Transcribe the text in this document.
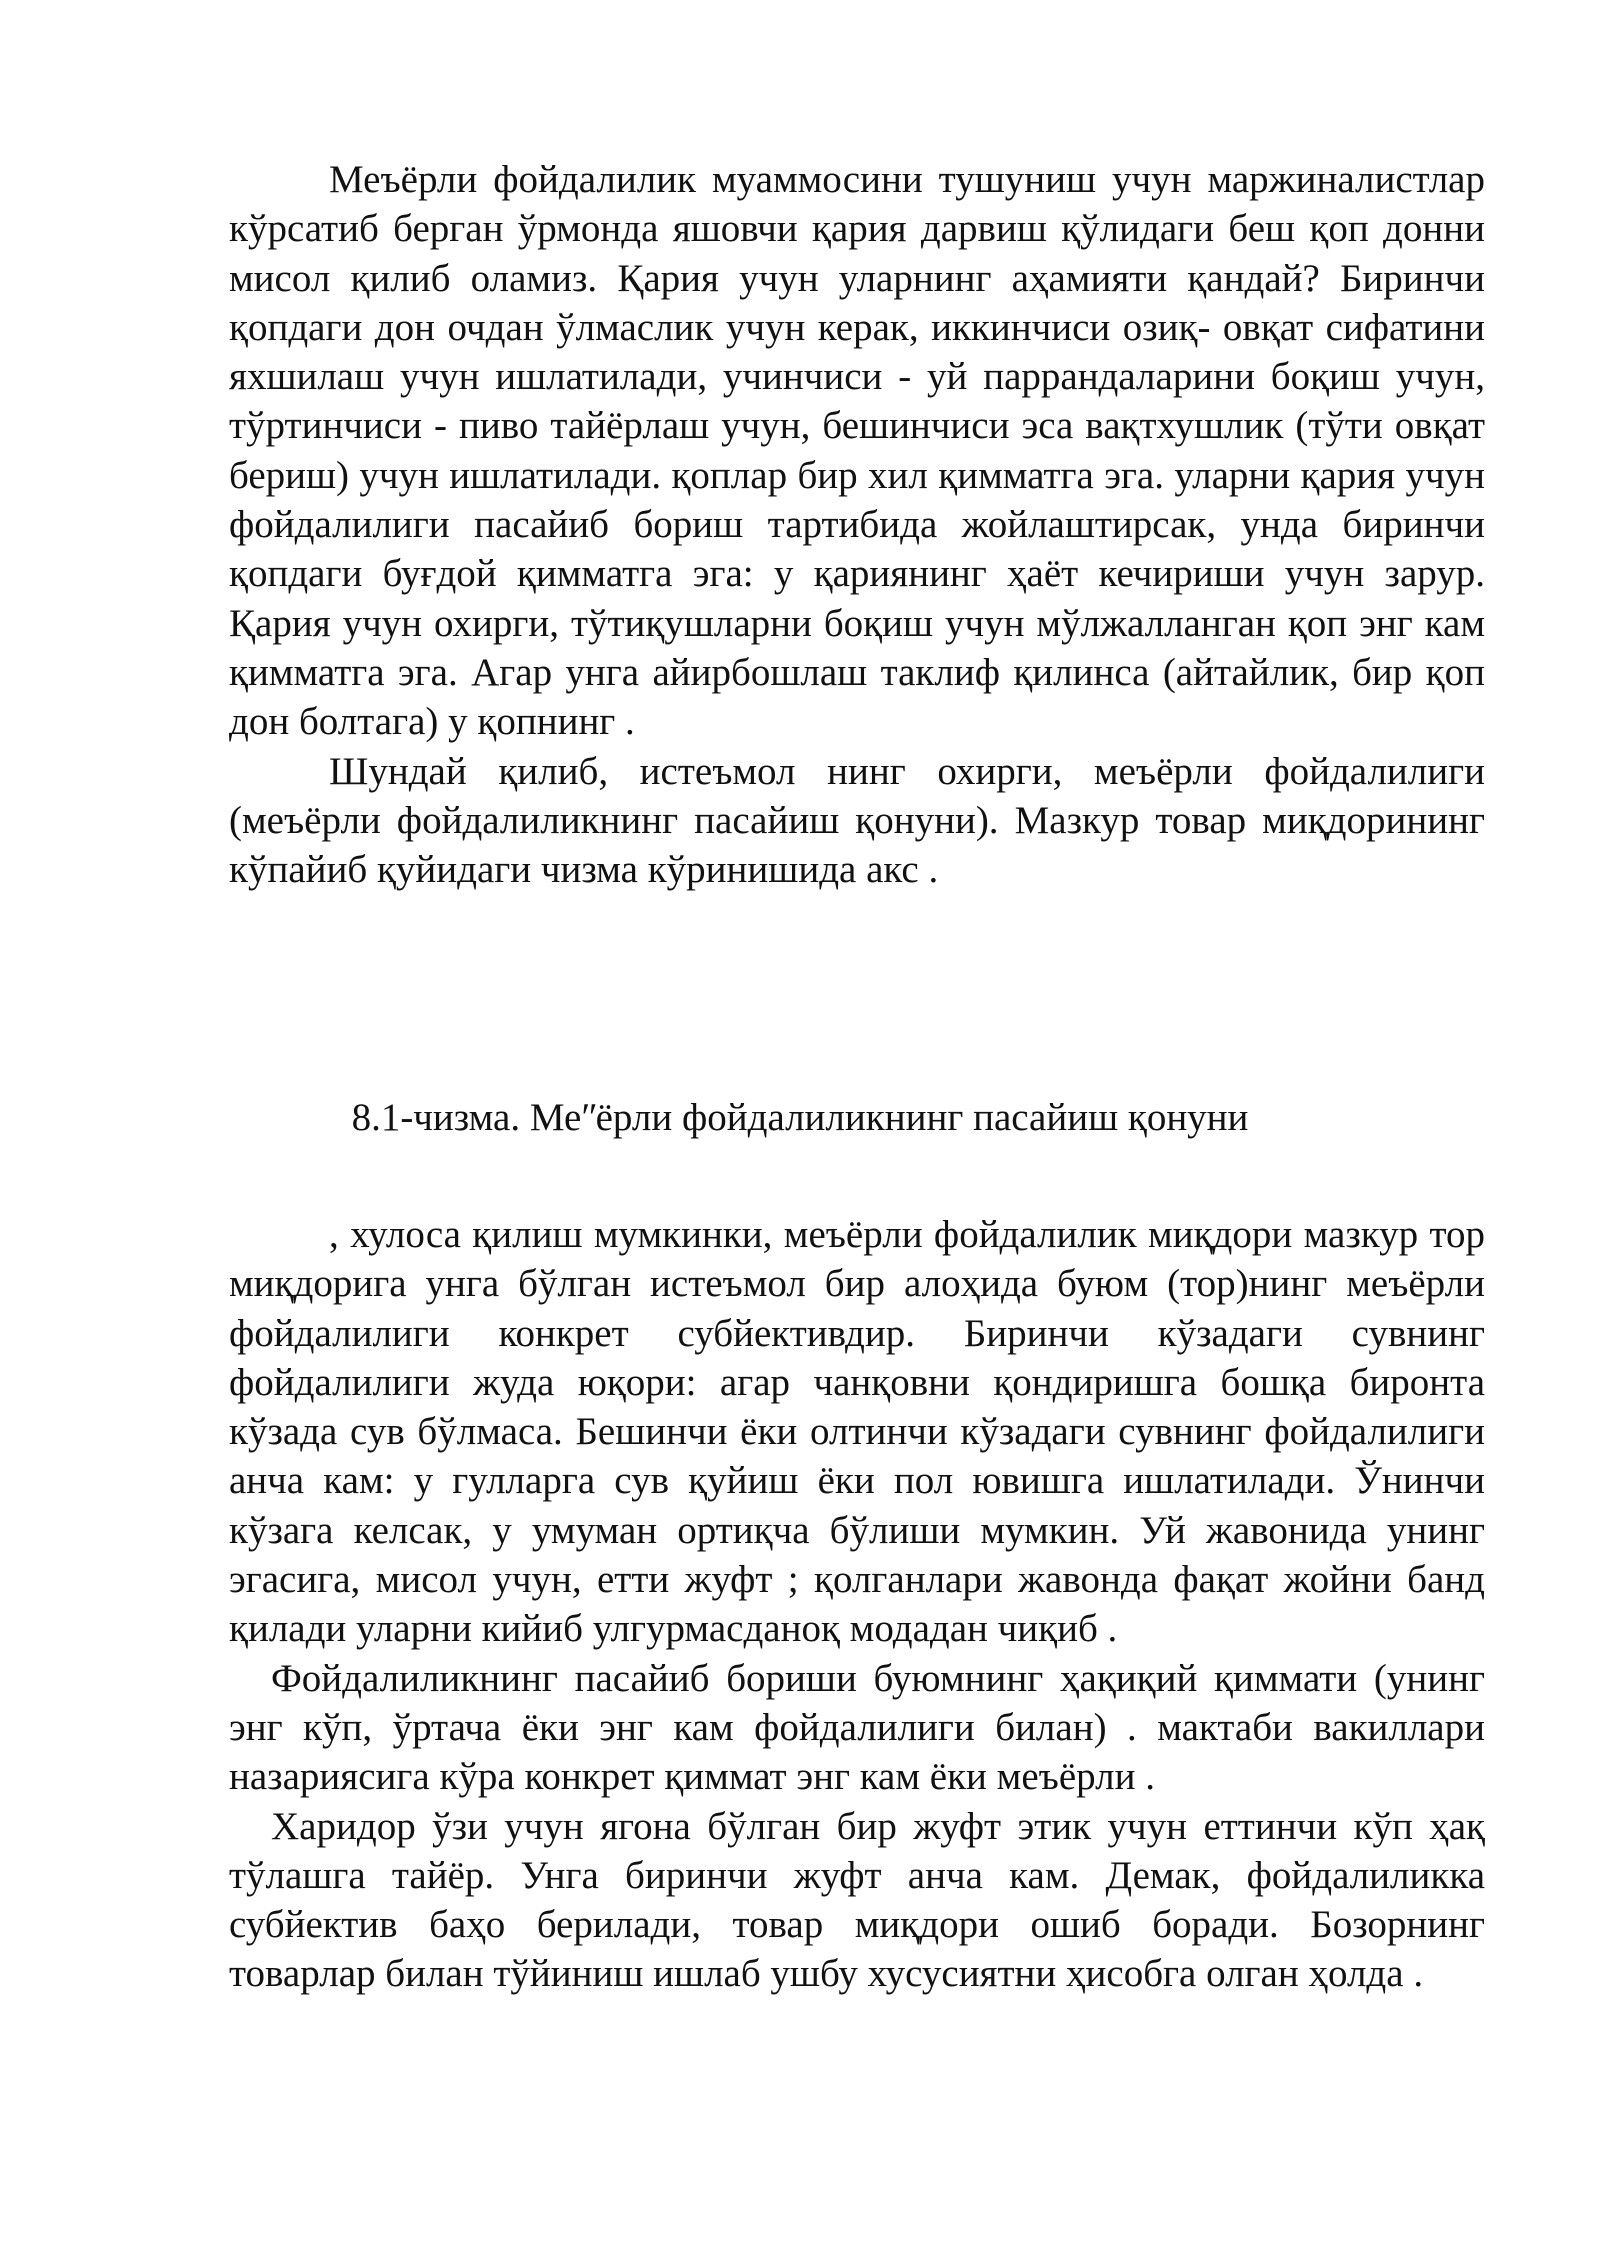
Меъёрли фойдалилик муаммосини тушуниш учун маржиналистлар кўрсатиб берган ўрмонда яшовчи қария дарвиш қўлидаги беш қоп донни мисол қилиб оламиз. Қария учун уларнинг аҳамияти қандай? Биринчи қопдаги дон очдан ўлмаслик учун керак, иккинчиси озиқ- овқат сифатини яхшилаш учун ишлатилади, учинчиси - уй паррандаларини боқиш учун, тўртинчиси - пиво тайёрлаш учун, бешинчиси эса вақтхушлик (тўти овқат бериш) учун ишлатилади. қоплар бир хил қимматга эга. уларни қария учун фойдалилиги пасайиб бориш тартибида жойлаштирсак, унда биринчи қопдаги буғдой қимматга эга: у қариянинг ҳаёт кечириши учун зарур. Қария учун охирги, тўтиқушларни боқиш учун мўлжалланган қоп энг кам қимматга эга. Агар унга айирбошлаш таклиф қилинса (айтайлик, бир қоп дон болтага) у қопнинг .

Шундай қилиб, истеъмол нинг охирги, меъёрли фойдалилиги (меъёрли фойдалиликнинг пасайиш қонуни). Мазкур товар миқдорининг кўпайиб қуйидаги чизма кўринишида акс .

8.1-чизма. Меʺёрли фойдалиликнинг пасайиш қонуни

, хулоса қилиш мумкинки, меъёрли фойдалилик миқдори мазкур тор миқдорига унга бўлган истеъмол бир алоҳида буюм (тор)нинг меъёрли фойдалилиги конкрет субйективдир. Биринчи кўзадаги сувнинг фойдалилиги жуда юқори: агар чанқовни қондиришга бошқа биронта кўзада сув бўлмаса. Бешинчи ёки олтинчи кўзадаги сувнинг фойдалилиги анча кам: у гулларга сув қуйиш ёки пол ювишга ишлатилади. Ўнинчи кўзага келсак, у умуман ортиқча бўлиши мумкин. Уй жавонида унинг эгасига, мисол учун, етти жуфт ; қолганлари жавонда фақат жойни банд қилади уларни кийиб улгурмасданоқ модадан чиқиб .

Фойдалиликнинг пасайиб бориши буюмнинг ҳақиқий қиммати (унинг энг кўп, ўртача ёки энг кам фойдалилиги билан) . мактаби вакиллари назариясига кўра конкрет қиммат энг кам ёки меъёрли .

Харидор ўзи учун ягона бўлган бир жуфт этик учун еттинчи кўп ҳақ тўлашга тайёр. Унга биринчи жуфт анча кам. Демак, фойдалиликка субйектив баҳо берилади, товар миқдори ошиб боради. Бозорнинг товарлар билан тўйиниш ишлаб ушбу хусусиятни ҳисобга олган ҳолда .
